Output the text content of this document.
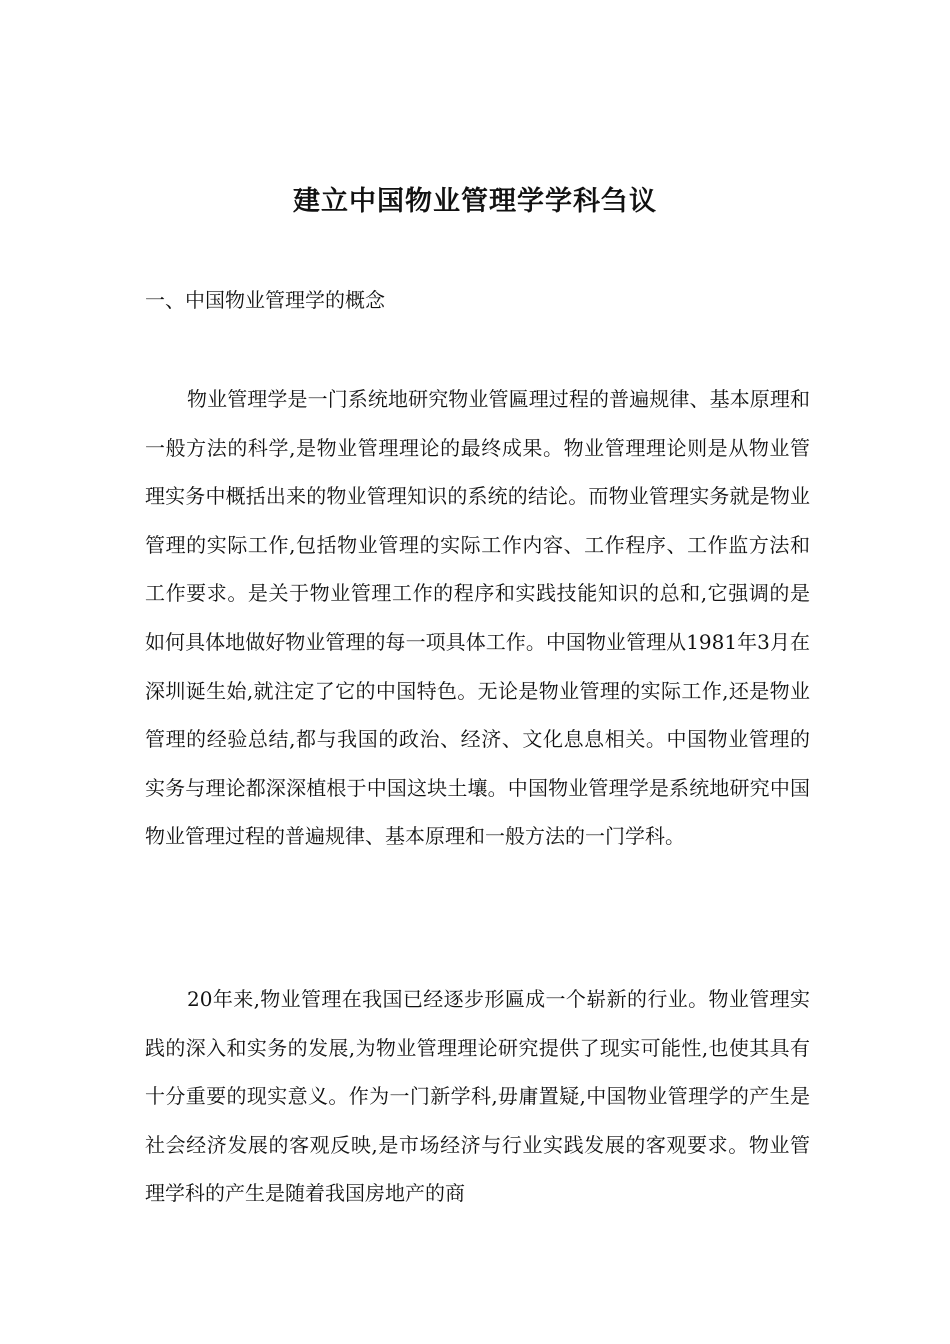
建立中国物业管理学学科刍议

一、中国物业管理学的概念

物业管理学是一门系统地研究物业管匾理过程的普遍规律、基本原理和一般方法的科学,是物业管理理论的最终成果。物业管理理论则是从物业管理实务中概括出来的物业管理知识的系统的结论。而物业管理实务就是物业管理的实际工作,包括物业管理的实际工作内容、工作程序、工作监方法和工作要求。是关于物业管理工作的程序和实践技能知识的总和,它强调的是如何具体地做好物业管理的每一项具体工作。中国物业管理从1981年3月在深圳诞生始,就注定了它的中国特色。无论是物业管理的实际工作,还是物业管理的经验总结,都与我国的政治、经济、文化息息相关。中国物业管理的实务与理论都深深植根于中国这块土壤。中国物业管理学是系统地研究中国物业管理过程的普遍规律、基本原理和一般方法的一门学科。

20年来,物业管理在我国已经逐步形匾成一个崭新的行业。物业管理实践的深入和实务的发展,为物业管理理论研究提供了现实可能性,也使其具有十分重要的现实意义。作为一门新学科,毋庸置疑,中国物业管理学的产生是社会经济发展的客观反映,是市场经济与行业实践发展的客观要求。物业管理学科的产生是随着我国房地产的商
